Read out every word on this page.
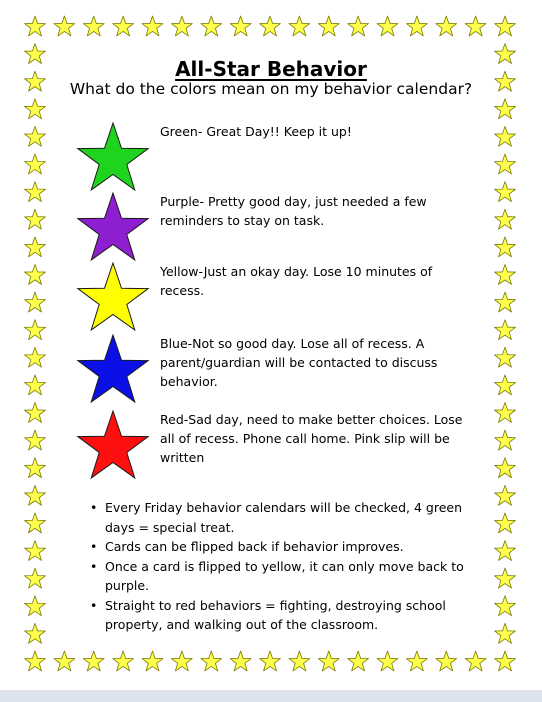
All-Star Behavior

What do the colors mean on my behavior calendar?

Green- Great Day!! Keep it up!
Purple- Pretty good day, just needed a few reminders to stay on task.
Yellow-Just an okay day. Lose 10 minutes of recess.
Blue-Not so good day. Lose all of recess. A parent/guardian will be contacted to discuss behavior.
Red-Sad day, need to make better choices. Lose all of recess. Phone call home. Pink slip will be written
• Every Friday behavior calendars will be checked, 4 green days = special treat.
• Cards can be flipped back if behavior improves.
• Once a card is flipped to yellow, it can only move back to purple.
• Straight to red behaviors = fighting, destroying school property, and walking out of the classroom.
